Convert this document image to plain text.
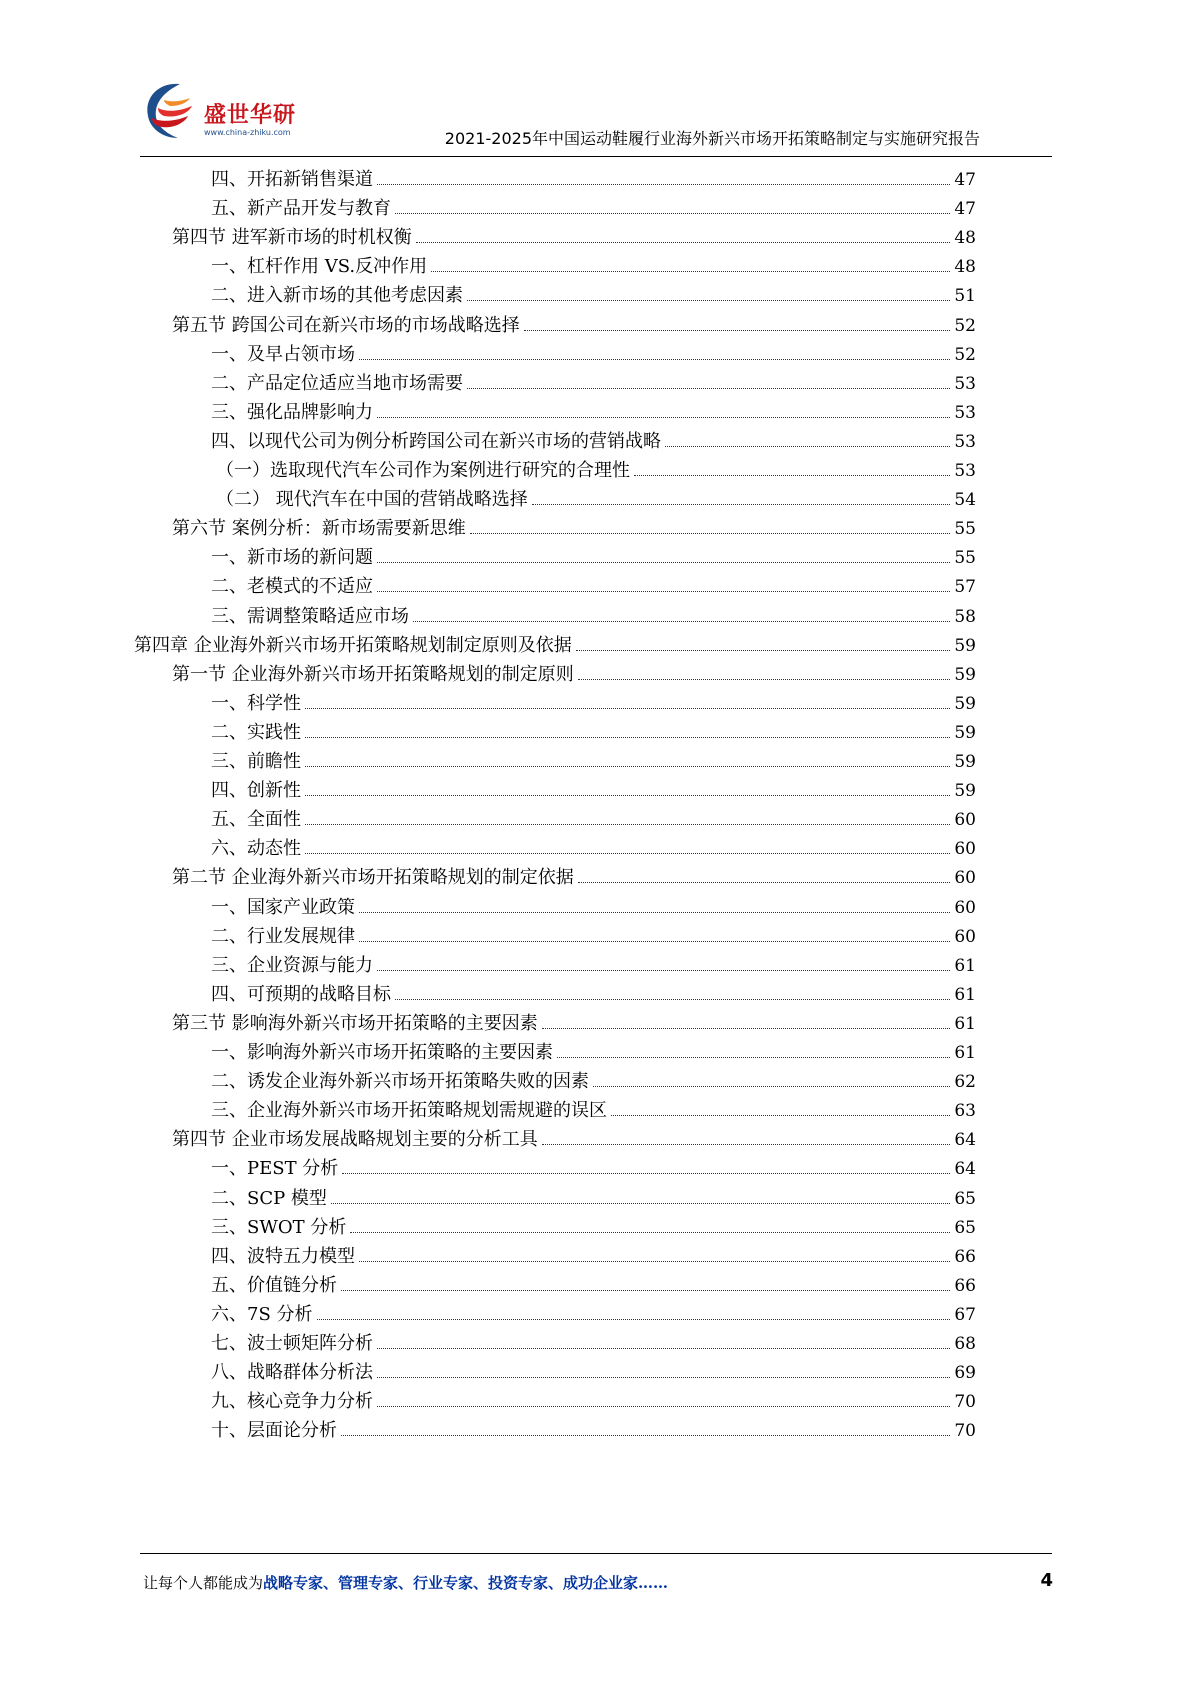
盛世华研
www.china-zhiku.com	2021-2025年中国运动鞋履行业海外新兴市场开拓策略制定与实施研究报告
四、开拓新销售渠道	47
五、新产品开发与教育	47
第四节 进军新市场的时机权衡	48
一、杠杆作用 VS.反冲作用	48
二、进入新市场的其他考虑因素	51
第五节 跨国公司在新兴市场的市场战略选择	52
一、及早占领市场	52
二、产品定位适应当地市场需要	53
三、强化品牌影响力	53
四、以现代公司为例分析跨国公司在新兴市场的营销战略	53
（一）选取现代汽车公司作为案例进行研究的合理性	53
（二） 现代汽车在中国的营销战略选择	54
第六节 案例分析：新市场需要新思维	55
一、新市场的新问题	55
二、老模式的不适应	57
三、需调整策略适应市场	58
第四章 企业海外新兴市场开拓策略规划制定原则及依据	59
第一节 企业海外新兴市场开拓策略规划的制定原则	59
一、科学性	59
二、实践性	59
三、前瞻性	59
四、创新性	59
五、全面性	60
六、动态性	60
第二节 企业海外新兴市场开拓策略规划的制定依据	60
一、国家产业政策	60
二、行业发展规律	60
三、企业资源与能力	61
四、可预期的战略目标	61
第三节 影响海外新兴市场开拓策略的主要因素	61
一、影响海外新兴市场开拓策略的主要因素	61
二、诱发企业海外新兴市场开拓策略失败的因素	62
三、企业海外新兴市场开拓策略规划需规避的误区	63
第四节 企业市场发展战略规划主要的分析工具	64
一、PEST 分析	64
二、SCP 模型	65
三、SWOT 分析	65
四、波特五力模型	66
五、价值链分析	66
六、7S 分析	67
七、波士顿矩阵分析	68
八、战略群体分析法	69
九、核心竞争力分析	70
十、层面论分析	70
让每个人都能成为战略专家、管理专家、行业专家、投资专家、成功企业家……	4
